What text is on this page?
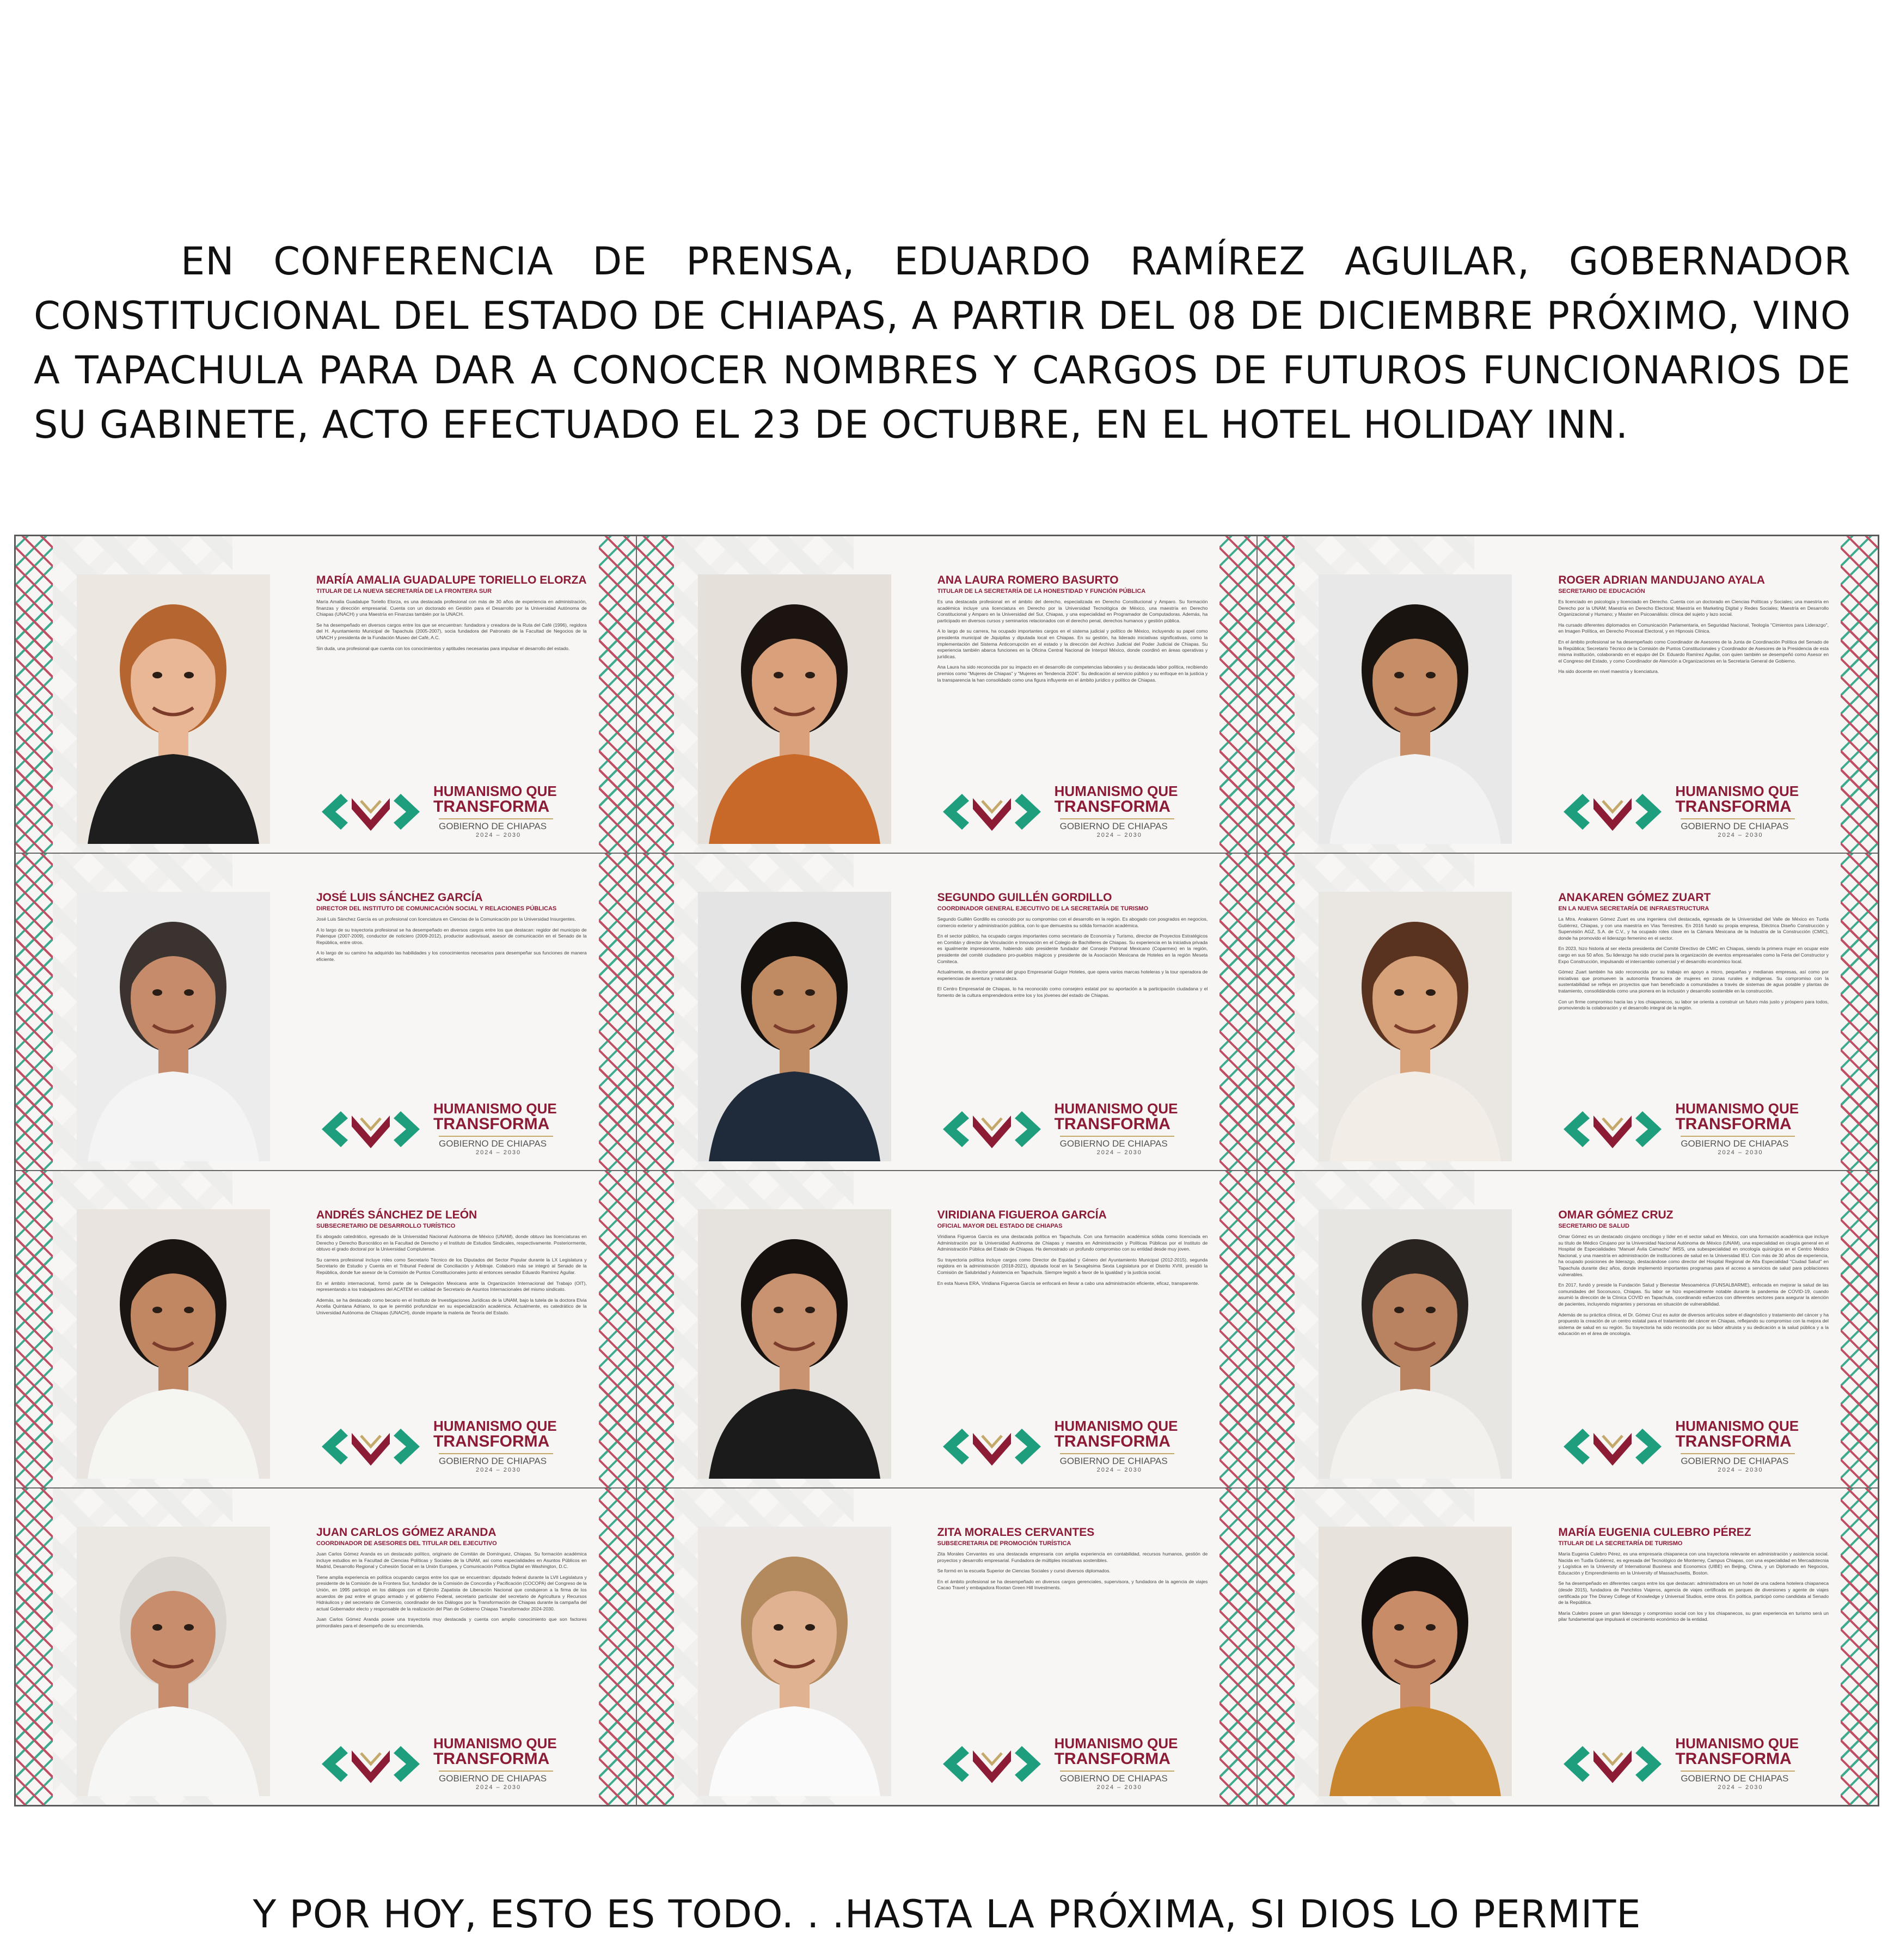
EN CONFERENCIA DE PRENSA, EDUARDO RAMÍREZ AGUILAR, GOBERNADOR CONSTITUCIONAL DEL ESTADO DE CHIAPAS, A PARTIR DEL 08 DE DICIEMBRE PRÓXIMO, VINO A TAPACHULA PARA DAR A CONOCER NOMBRES Y CARGOS DE FUTUROS FUNCIONARIOS DE SU GABINETE, ACTO EFECTUADO EL 23 DE OCTUBRE, EN EL HOTEL HOLIDAY INN.

MARÍA AMALIA GUADALUPE TORIELLO ELORZA

TITULAR DE LA NUEVA SECRETARÍA DE LA FRONTERA SUR

María Amalia Guadalupe Toriello Elorza, es una destacada profesional con más de 30 años de experiencia en administración, finanzas y dirección empresarial. Cuenta con un doctorado en Gestión para el Desarrollo por la Universidad Autónoma de Chiapas (UNACH) y una Maestría en Finanzas también por la UNACH.

Se ha desempeñado en diversos cargos entre los que se encuentran: fundadora y creadora de la Ruta del Café (1996), regidora del H. Ayuntamiento Municipal de Tapachula (2005-2007), socia fundadora del Patronato de la Facultad de Negocios de la UNACH y presidenta de la Fundación Museo del Café, A.C.

Sin duda, una profesional que cuenta con los conocimientos y aptitudes necesarias para impulsar el desarrollo del estado.

HUMANISMO QUE

TRANSFORMA

GOBIERNO DE CHIAPAS

2024 – 2030

ANA LAURA ROMERO BASURTO

TITULAR DE LA SECRETARÍA DE LA HONESTIDAD Y FUNCIÓN PÚBLICA

Es una destacada profesional en el ámbito del derecho, especializada en Derecho Constitucional y Amparo. Su formación académica incluye una licenciatura en Derecho por la Universidad Tecnológica de México, una maestría en Derecho Constitucional y Amparo en la Universidad del Sur, Chiapas, y una especialidad en Programador de Computadoras. Además, ha participado en diversos cursos y seminarios relacionados con el derecho penal, derechos humanos y gestión pública.

A lo largo de su carrera, ha ocupado importantes cargos en el sistema judicial y político de México, incluyendo su papel como presidenta municipal de Jiquipilas y diputada local en Chiapas. En su gestión, ha liderado iniciativas significativas, como la implementación del Sistema Anticorrupción en el estado y la dirección del Archivo Judicial del Poder Judicial de Chiapas. Su experiencia también abarca funciones en la Oficina Central Nacional de Interpol México, donde coordinó en áreas operativas y jurídicas.

Ana Laura ha sido reconocida por su impacto en el desarrollo de competencias laborales y su destacada labor política, recibiendo premios como "Mujeres de Chiapas" y "Mujeres en Tendencia 2024". Su dedicación al servicio público y su enfoque en la justicia y la transparencia la han consolidado como una figura influyente en el ámbito jurídico y político de Chiapas.

HUMANISMO QUE

TRANSFORMA

GOBIERNO DE CHIAPAS

2024 – 2030

ROGER ADRIAN MANDUJANO AYALA

SECRETARIO DE EDUCACIÓN

Es licenciado en psicología y licenciado en Derecho. Cuenta con un doctorado en Ciencias Políticas y Sociales; una maestría en Derecho por la UNAM; Maestría en Derecho Electoral; Maestría en Marketing Digital y Redes Sociales; Maestría en Desarrollo Organizacional y Humano; y Master en Psicoanálisis: clínica del sujeto y lazo social.

Ha cursado diferentes diplomados en Comunicación Parlamentaria, en Seguridad Nacional, Teología "Cimientos para Liderazgo", en Imagen Política, en Derecho Procesal Electoral, y en Hipnosis Clínica.

En el ámbito profesional se ha desempeñado como Coordinador de Asesores de la Junta de Coordinación Política del Senado de la República; Secretario Técnico de la Comisión de Puntos Constitucionales y Coordinador de Asesores de la Presidencia de esta misma institución, colaborando en el equipo del Dr. Eduardo Ramírez Aguilar, con quien también se desempeñó como Asesor en el Congreso del Estado, y como Coordinador de Atención a Organizaciones en la Secretaría General de Gobierno.

Ha sido docente en nivel maestría y licenciatura.

HUMANISMO QUE

TRANSFORMA

GOBIERNO DE CHIAPAS

2024 – 2030

JOSÉ LUIS SÁNCHEZ GARCÍA

DIRECTOR DEL INSTITUTO DE COMUNICACIÓN SOCIAL Y RELACIONES PÚBLICAS

José Luis Sánchez García es un profesional con licenciatura en Ciencias de la Comunicación por la Universidad Insurgentes.

A lo largo de su trayectoria profesional se ha desempeñado en diversos cargos entre los que destacan: regidor del municipio de Palenque (2007-2009), conductor de noticiero (2009-2012), productor audiovisual, asesor de comunicación en el Senado de la República, entre otros.

A lo largo de su camino ha adquirido las habilidades y los conocimientos necesarios para desempeñar sus funciones de manera eficiente.

HUMANISMO QUE

TRANSFORMA

GOBIERNO DE CHIAPAS

2024 – 2030

SEGUNDO GUILLÉN GORDILLO

COORDINADOR GENERAL EJECUTIVO DE LA SECRETARÍA DE TURISMO

Segundo Guillén Gordillo es conocido por su compromiso con el desarrollo en la región. Es abogado con posgrados en negocios, comercio exterior y administración pública, con lo que demuestra su sólida formación académica.

En el sector público, ha ocupado cargos importantes como secretario de Economía y Turismo, director de Proyectos Estratégicos en Comitán y director de Vinculación e Innovación en el Colegio de Bachilleres de Chiapas. Su experiencia en la iniciativa privada es igualmente impresionante, habiendo sido presidente fundador del Consejo Patronal Mexicano (Coparmex) en la región, presidente del comité ciudadano pro-pueblos mágicos y presidente de la Asociación Mexicana de Hoteles en la región Meseta Comiteca.

Actualmente, es director general del grupo Empresarial Guigor Hoteles, que opera varios marcas hoteleras y la tour operadora de experiencias de aventura y naturaleza.

El Centro Empresarial de Chiapas, lo ha reconocido como consejero estatal por su aportación a la participación ciudadana y el fomento de la cultura emprendedora entre los y los jóvenes del estado de Chiapas.

HUMANISMO QUE

TRANSFORMA

GOBIERNO DE CHIAPAS

2024 – 2030

ANAKAREN GÓMEZ ZUART

EN LA NUEVA SECRETARÍA DE INFRAESTRUCTURA

La Mtra. Anakaren Gómez Zuart es una ingeniera civil destacada, egresada de la Universidad del Valle de México en Tuxtla Gutiérrez, Chiapas, y con una maestría en Vías Terrestres. En 2016 fundó su propia empresa, Eléctrica Diseño Construcción y Supervisión AGZ, S.A. de C.V., y ha ocupado roles clave en la Cámara Mexicana de la Industria de la Construcción (CMIC), donde ha promovido el liderazgo femenino en el sector.

En 2023, hizo historia al ser electa presidenta del Comité Directivo de CMIC en Chiapas, siendo la primera mujer en ocupar este cargo en sus 50 años. Su liderazgo ha sido crucial para la organización de eventos empresariales como la Feria del Constructor y Expo Construcción, impulsando el intercambio comercial y el desarrollo económico local.

Gómez Zuart también ha sido reconocida por su trabajo en apoyo a micro, pequeñas y medianas empresas, así como por iniciativas que promueven la autonomía financiera de mujeres en zonas rurales e indígenas. Su compromiso con la sustentabilidad se refleja en proyectos que han beneficiado a comunidades a través de sistemas de agua potable y plantas de tratamiento, consolidándola como una pionera en la inclusión y desarrollo sostenible en la construcción.

Con un firme compromiso hacia las y los chiapanecos, su labor se orienta a construir un futuro más justo y próspero para todos, promoviendo la colaboración y el desarrollo integral de la región.

HUMANISMO QUE

TRANSFORMA

GOBIERNO DE CHIAPAS

2024 – 2030

ANDRÉS SÁNCHEZ DE LEÓN

SUBSECRETARIO DE DESARROLLO TURÍSTICO

Es abogado catedrático, egresado de la Universidad Nacional Autónoma de México (UNAM), donde obtuvo las licenciaturas en Derecho y Derecho Burocrático en la Facultad de Derecho y el Instituto de Estudios Sindicales, respectivamente. Posteriormente, obtuvo el grado doctoral por la Universidad Complutense.

Su carrera profesional incluye roles como Secretario Técnico de los Diputados del Sector Popular durante la LX Legislatura y Secretario de Estudio y Cuenta en el Tribunal Federal de Conciliación y Arbitraje. Colaboró más se integró al Senado de la República, donde fue asesor de la Comisión de Puntos Constitucionales junto al entonces senador Eduardo Ramírez Aguilar.

En el ámbito internacional, formó parte de la Delegación Mexicana ante la Organización Internacional del Trabajo (OIT), representando a los trabajadores del ACATEM en calidad de Secretario de Asuntos Internacionales del mismo sindicato.

Además, se ha destacado como becario en el Instituto de Investigaciones Jurídicas de la UNAM, bajo la tutela de la doctora Elvia Arcelia Quintana Adriano, lo que le permitió profundizar en su especialización académica. Actualmente, es catedrático de la Universidad Autónoma de Chiapas (UNACH), donde imparte la materia de Teoría del Estado.

HUMANISMO QUE

TRANSFORMA

GOBIERNO DE CHIAPAS

2024 – 2030

VIRIDIANA FIGUEROA GARCÍA

OFICIAL MAYOR DEL ESTADO DE CHIAPAS

Viridiana Figueroa García es una destacada política en Tapachula. Con una formación académica sólida como licenciada en Administración por la Universidad Autónoma de Chiapas y maestra en Administración y Políticas Públicas por el Instituto de Administración Pública del Estado de Chiapas. Ha demostrado un profundo compromiso con su entidad desde muy joven.

Su trayectoria política incluye cargos como Director de Equidad y Género del Ayuntamiento Municipal (2012-2015), segunda regidora en la administración (2018-2021), diputada local en la Sexagésima Sexta Legislatura por el Distrito XVIII, presidió la Comisión de Salubridad y Asistencia en Tapachula. Siempre legisló a favor de la igualdad y la justicia social.

En esta Nueva ERA, Viridiana Figueroa García se enfocará en llevar a cabo una administración eficiente, eficaz, transparente.

HUMANISMO QUE

TRANSFORMA

GOBIERNO DE CHIAPAS

2024 – 2030

OMAR GÓMEZ CRUZ

SECRETARIO DE SALUD

Omar Gómez es un destacado cirujano oncólogo y líder en el sector salud en México, con una formación académica que incluye su título de Médico Cirujano por la Universidad Nacional Autónoma de México (UNAM), una especialidad en cirugía general en el Hospital de Especialidades "Manuel Ávila Camacho" IMSS, una subespecialidad en oncología quirúrgica en el Centro Médico Nacional, y una maestría en administración de instituciones de salud en la Universidad IEU. Con más de 30 años de experiencia, ha ocupado posiciones de liderazgo, destacándose como director del Hospital Regional de Alta Especialidad "Ciudad Salud" en Tapachula durante diez años, donde implementó importantes programas para el acceso a servicios de salud para poblaciones vulnerables.

En 2017, fundó y preside la Fundación Salud y Bienestar Mesoamérica (FUNSALBARME), enfocada en mejorar la salud de las comunidades del Soconusco, Chiapas. Su labor se hizo especialmente notable durante la pandemia de COVID-19, cuando asumió la dirección de la Clínica COVID en Tapachula, coordinando esfuerzos con diferentes sectores para asegurar la atención de pacientes, incluyendo migrantes y personas en situación de vulnerabilidad.

Además de su práctica clínica, el Dr. Gómez Cruz es autor de diversos artículos sobre el diagnóstico y tratamiento del cáncer y ha propuesto la creación de un centro estatal para el tratamiento del cáncer en Chiapas, reflejando su compromiso con la mejora del sistema de salud en su región. Su trayectoria ha sido reconocida por su labor altruista y su dedicación a la salud pública y a la educación en el área de oncología.

HUMANISMO QUE

TRANSFORMA

GOBIERNO DE CHIAPAS

2024 – 2030

JUAN CARLOS GÓMEZ ARANDA

COORDINADOR DE ASESORES DEL TITULAR DEL EJECUTIVO

Juan Carlos Gómez Aranda es un destacado político, originario de Comitán de Domínguez, Chiapas. Su formación académica incluye estudios en la Facultad de Ciencias Políticas y Sociales de la UNAM, así como especialidades en Asuntos Públicos en Madrid, Desarrollo Regional y Cohesión Social en la Unión Europea, y Comunicación Política Digital en Washington, D.C.

Tiene amplia experiencia en política ocupando cargos entre los que se encuentran: diputado federal durante la LVII Legislatura y presidente de la Comisión de la Frontera Sur, fundador de la Comisión de Concordia y Pacificación (COCOPA) del Congreso de la Unión, en 1995 participó en los diálogos con el Ejército Zapatista de Liberación Nacional que condujeron a la firma de los acuerdos de paz entre el grupo armado y el gobierno Federal, secretario particular del secretario de Agricultura y Recursos Hidráulicos y del secretario de Comercio, coordinador de los Diálogos por la Transformación de Chiapas durante la campaña del actual Gobernador electo y responsable de la realización del Plan de Gobierno Chiapas Transformador 2024-2030.

Juan Carlos Gómez Aranda posee una trayectoria muy destacada y cuenta con amplio conocimiento que son factores primordiales para el desempeño de su encomienda.

HUMANISMO QUE

TRANSFORMA

GOBIERNO DE CHIAPAS

2024 – 2030

ZITA MORALES CERVANTES

SUBSECRETARIA DE PROMOCIÓN TURÍSTICA

Zita Morales Cervantes es una destacada empresaria con amplia experiencia en contabilidad, recursos humanos, gestión de proyectos y desarrollo empresarial. Fundadora de múltiples iniciativas sostenibles.

Se formó en la escuela Superior de Ciencias Sociales y cursó diversos diplomados.

En el ámbito profesional se ha desempeñado en diversos cargos gerenciales, supervisora, y fundadora de la agencia de viajes Cacao Travel y embajadora Rootan Green Hill Investments.

HUMANISMO QUE

TRANSFORMA

GOBIERNO DE CHIAPAS

2024 – 2030

MARÍA EUGENIA CULEBRO PÉREZ

TITULAR DE LA SECRETARÍA DE TURISMO

María Eugenia Culebro Pérez, es una empresaria chiapaneca con una trayectoria relevante en administración y asistencia social. Nacida en Tuxtla Gutiérrez, es egresada del Tecnológico de Monterrey, Campus Chiapas, con una especialidad en Mercadotecnia y Logística en la University of International Business and Economics (UIBE) en Beijing, China, y un Diplomado en Negocios, Educación y Emprendimiento en la University of Massachusetts, Boston.

Se ha desempeñado en diferentes cargos entre los que destacan: administradora en un hotel de una cadena hotelera chiapaneca (desde 2015), fundadora de Panchitos Viajeros, agencia de viajes certificada en parques de diversiones y agente de viajes certificada por The Disney College of Knowledge y Universal Studios, entre otros. En política, participó como candidata al Senado de la República.

María Culebro posee un gran liderazgo y compromiso social con los y los chiapanecos, su gran experiencia en turismo será un pilar fundamental que impulsará el crecimiento económico de la entidad.

HUMANISMO QUE

TRANSFORMA

GOBIERNO DE CHIAPAS

2024 – 2030

Y POR HOY, ESTO ES TODO. . .HASTA LA PRÓXIMA, SI DIOS LO PERMITE
